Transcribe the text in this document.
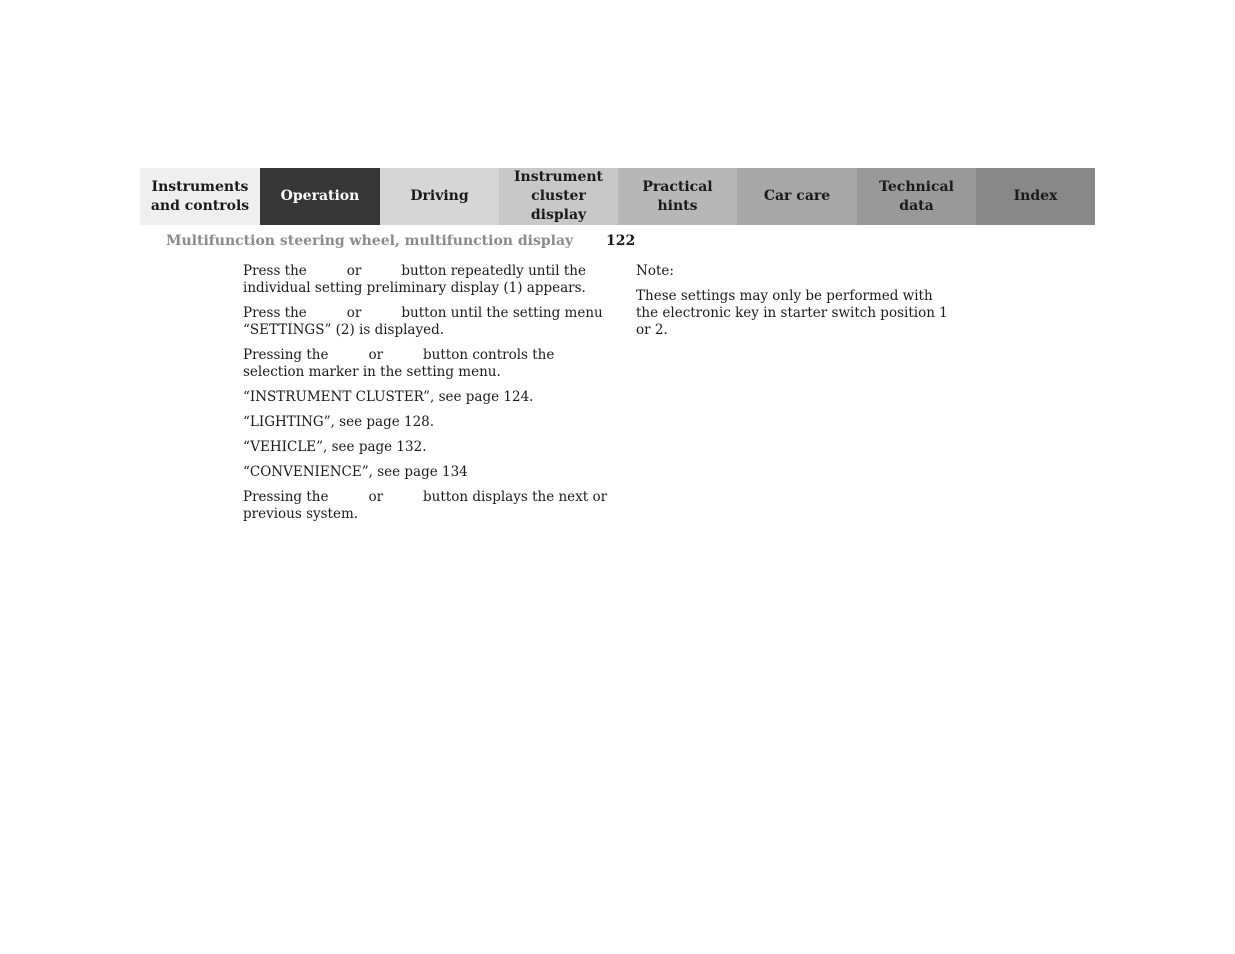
Instruments
and controls
Operation	Driving
Instrument
cluster display
Practical hints
Car care
Technical
data
Index
Multifunction steering wheel, multifunction display 122

Press the	or	button repeatedly until the individual setting preliminary display (1) appears.

Press the	or	button until the setting menu “SETTINGS” (2) is displayed.

Pressing the	or	button controls the selection marker in the setting menu.

“INSTRUMENT CLUSTER”, see page 124.

“LIGHTING”, see page 128.

“VEHICLE”, see page 132.

“CONVENIENCE”, see page 134

Pressing the	or	button displays the next or previous system.

Note:

These settings may only be performed with the electronic key in starter switch position 1 or 2.
